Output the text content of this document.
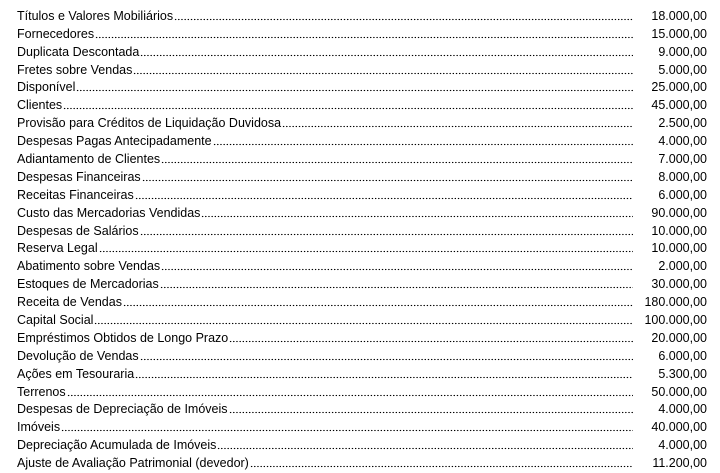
Títulos e Valores Mobiliários	18.000,00
Fornecedores	15.000,00
Duplicata Descontada	9.000,00
Fretes sobre Vendas	5.000,00
Disponível	25.000,00
Clientes	45.000,00
Provisão para Créditos de Liquidação Duvidosa	2.500,00
Despesas Pagas Antecipadamente	4.000,00
Adiantamento de Clientes	7.000,00
Despesas Financeiras	8.000,00
Receitas Financeiras	6.000,00
Custo das Mercadorias Vendidas	90.000,00
Despesas de Salários	10.000,00
Reserva Legal	10.000,00
Abatimento sobre Vendas	2.000,00
Estoques de Mercadorias	30.000,00
Receita de Vendas	180.000,00
Capital Social	100.000,00
Empréstimos Obtidos de Longo Prazo	20.000,00
Devolução de Vendas	6.000,00
Ações em Tesouraria	5.300,00
Terrenos	50.000,00
Despesas de Depreciação de Imóveis	4.000,00
Imóveis	40.000,00
Depreciação Acumulada de Imóveis	4.000,00
Ajuste de Avaliação Patrimonial (devedor)	11.200,00
